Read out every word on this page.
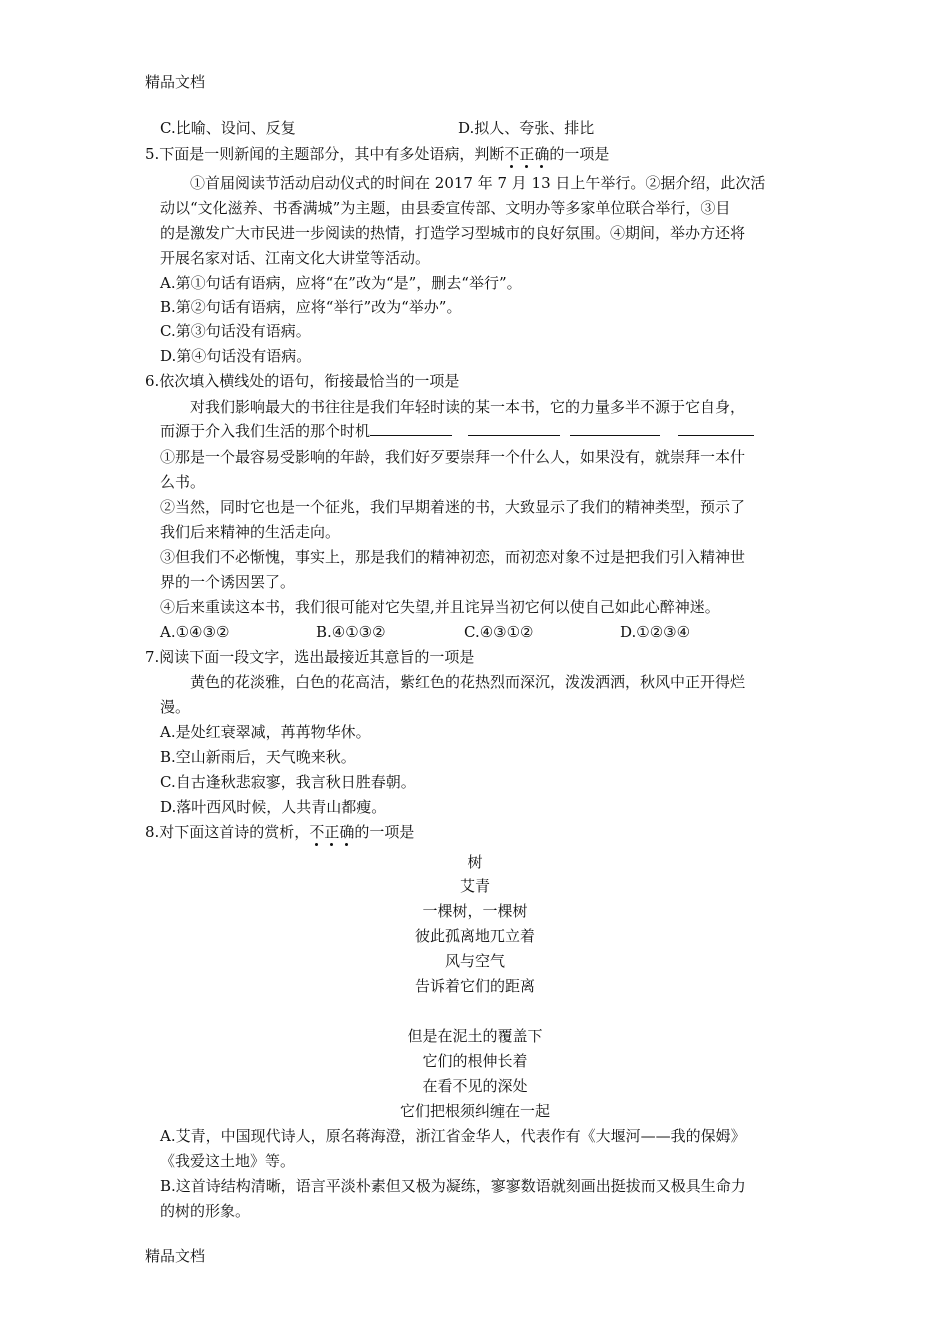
精品文档
C.比喻、设问、反复	D.拟人、夸张、排比
5.下面是一则新闻的主题部分，其中有多处语病，判断不正确的一项是
①首届阅读节活动启动仪式的时间在 2017 年 7 月 13 日上午举行。②据介绍，此次活
动以“文化滋养、书香满城”为主题，由县委宣传部、文明办等多家单位联合举行，③目
的是激发广大市民进一步阅读的热情，打造学习型城市的良好氛围。④期间，举办方还将
开展名家对话、江南文化大讲堂等活动。
A.第①句话有语病，应将“在”改为“是”，删去“举行”。
B.第②句话有语病，应将“举行”改为“举办”。
C.第③句话没有语病。
D.第④句话没有语病。
6.依次填入横线处的语句，衔接最恰当的一项是
对我们影响最大的书往往是我们年轻时读的某一本书，它的力量多半不源于它自身，
而源于介入我们生活的那个时机
①那是一个最容易受影响的年龄，我们好歹要崇拜一个什么人，如果没有，就崇拜一本什
么书。
②当然，同时它也是一个征兆，我们早期着迷的书，大致显示了我们的精神类型，预示了
我们后来精神的生活走向。
③但我们不必惭愧，事实上，那是我们的精神初恋，而初恋对象不过是把我们引入精神世
界的一个诱因罢了。
④后来重读这本书，我们很可能对它失望,并且诧异当初它何以使自己如此心醉神迷。
A.①④③②	B.④①③②	C.④③①②	D.①②③④
7.阅读下面一段文字，选出最接近其意旨的一项是
黄色的花淡雅，白色的花高洁，紫红色的花热烈而深沉，泼泼洒洒，秋风中正开得烂
漫。
A.是处红衰翠减，苒苒物华休。
B.空山新雨后，天气晚来秋。
C.自古逢秋悲寂寥，我言秋日胜春朝。
D.落叶西风时候，人共青山都瘦。
8.对下面这首诗的赏析，不正确的一项是
树
艾青
一棵树，一棵树
彼此孤离地兀立着
风与空气
告诉着它们的距离
但是在泥土的覆盖下
它们的根伸长着
在看不见的深处
它们把根须纠缠在一起
A.艾青，中国现代诗人，原名蒋海澄，浙江省金华人，代表作有《大堰河——我的保姆》
《我爱这土地》等。
B.这首诗结构清晰，语言平淡朴素但又极为凝练，寥寥数语就刻画出挺拔而又极具生命力
的树的形象。
精品文档
